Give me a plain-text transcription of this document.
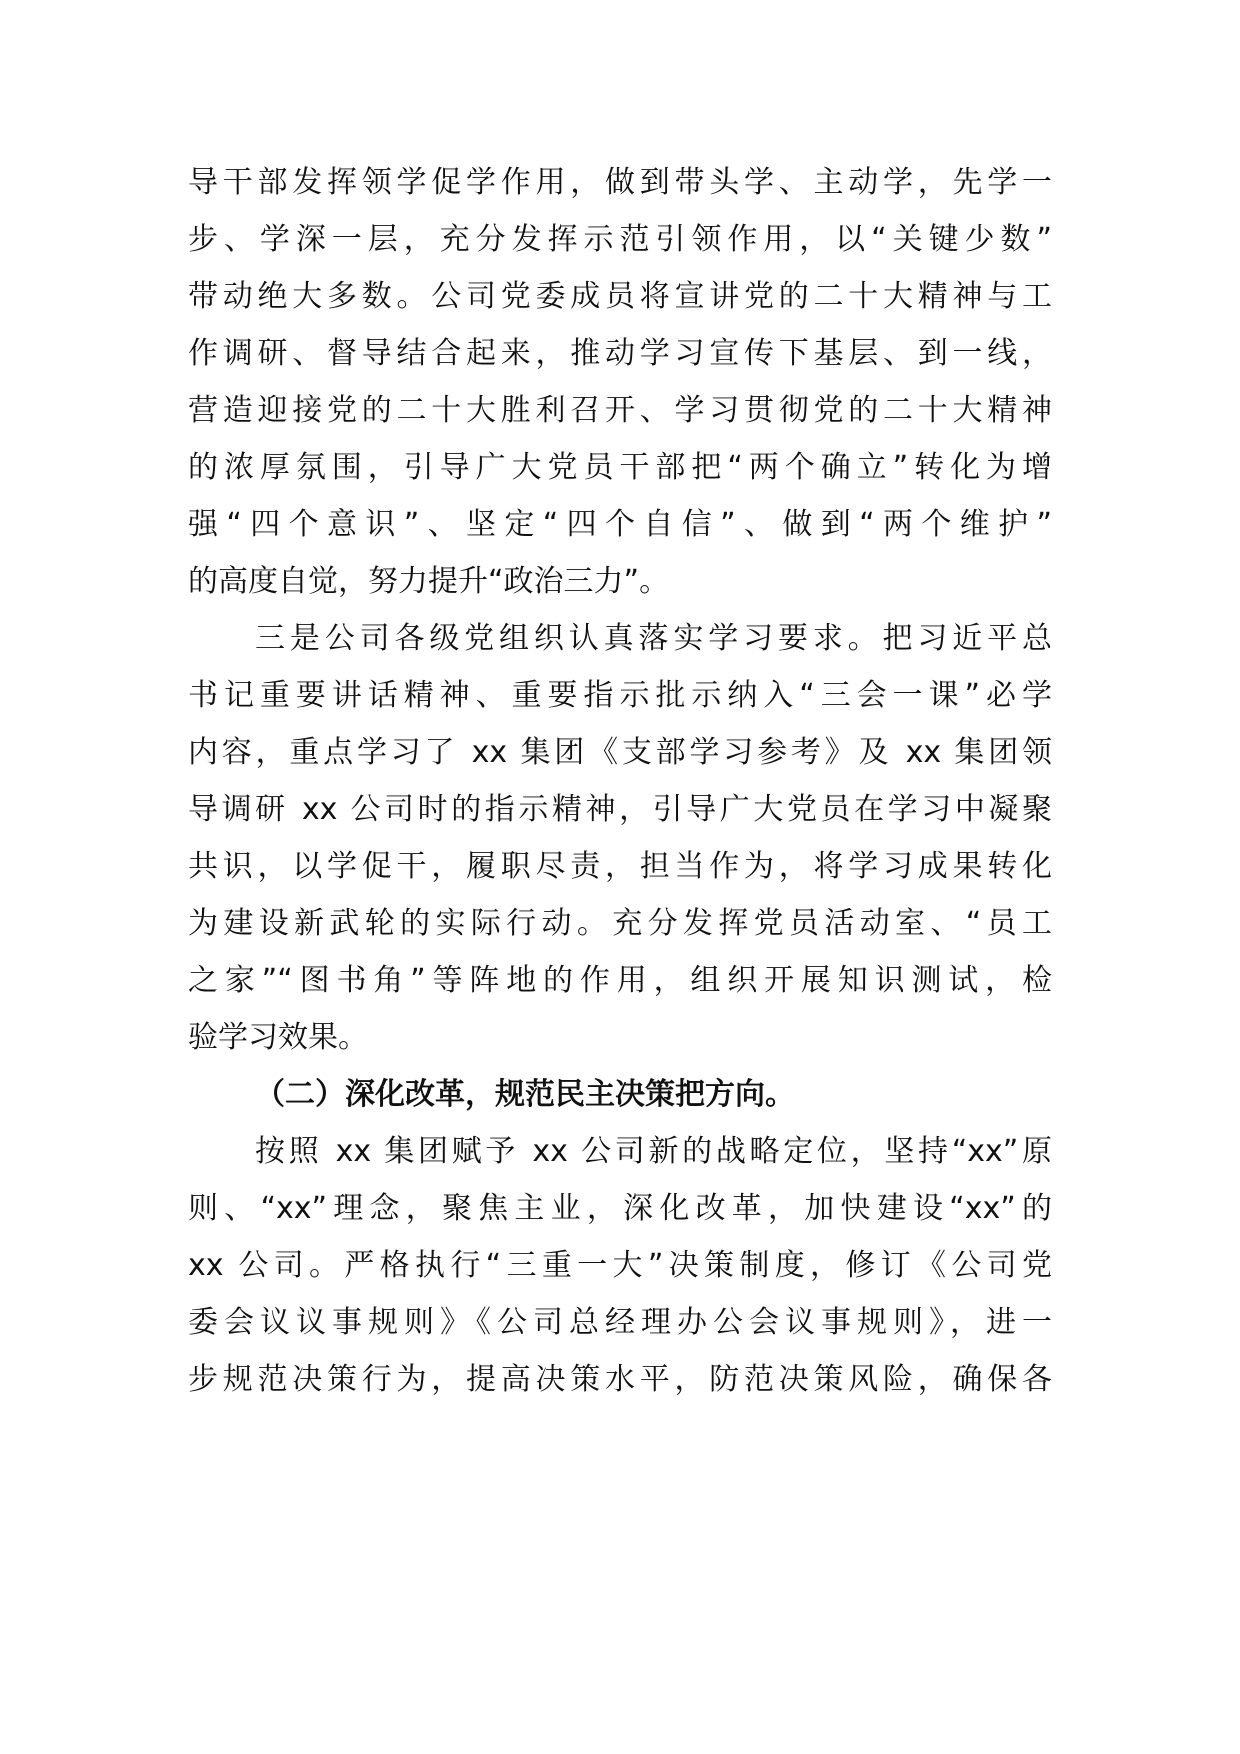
导干部发挥领学促学作用，做到带头学、主动学，先学一
步、学深一层，充分发挥示范引领作用，以“关键少数”
带动绝大多数。公司党委成员将宣讲党的二十大精神与工
作调研、督导结合起来，推动学习宣传下基层、到一线，
营造迎接党的二十大胜利召开、学习贯彻党的二十大精神
的浓厚氛围，引导广大党员干部把“两个确立”转化为增
强“四个意识”、坚定“四个自信”、做到“两个维护”
的高度自觉，努力提升“政治三力”。
三是公司各级党组织认真落实学习要求。把习近平总
书记重要讲话精神、重要指示批示纳入“三会一课”必学
内容，重点学习了 xx 集团《支部学习参考》及 xx 集团领
导调研 xx 公司时的指示精神，引导广大党员在学习中凝聚
共识，以学促干，履职尽责，担当作为，将学习成果转化
为建设新武轮的实际行动。充分发挥党员活动室、“员工
之家”“图书角”等阵地的作用，组织开展知识测试，检
验学习效果。
（二）深化改革，规范民主决策把方向。
按照 xx 集团赋予 xx 公司新的战略定位，坚持“xx”原
则、“xx”理念，聚焦主业，深化改革，加快建设“xx”的
xx 公司。严格执行“三重一大”决策制度，修订《公司党
委会议议事规则》《公司总经理办公会议事规则》，进一
步规范决策行为，提高决策水平，防范决策风险，确保各
